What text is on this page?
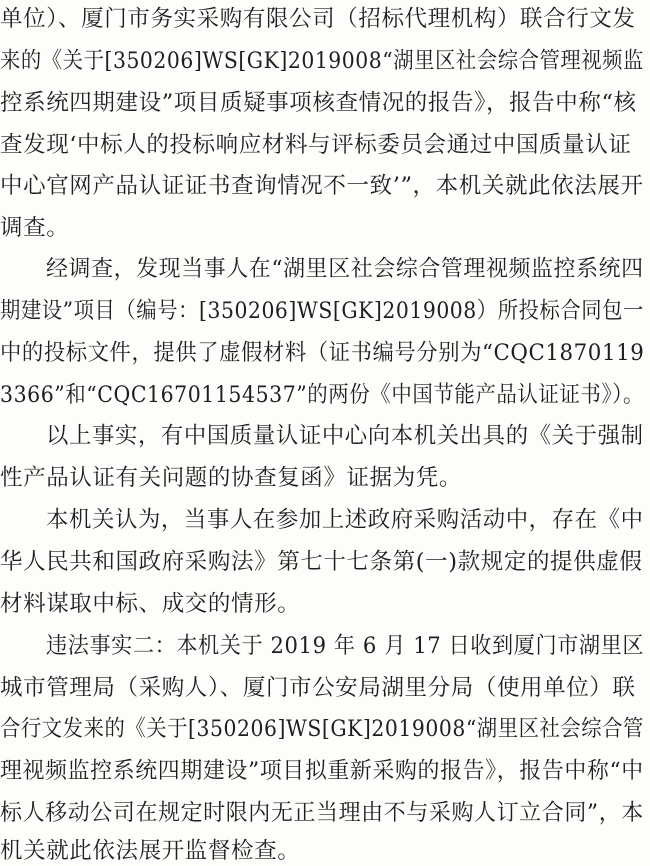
单位）、厦门市务实采购有限公司（招标代理机构）联合行文发
来的《关于[350206]WS[GK]2019008“湖里区社会综合管理视频监
控系统四期建设”项目质疑事项核查情况的报告》，报告中称“核
查发现‘中标人的投标响应材料与评标委员会通过中国质量认证
中心官网产品认证证书查询情况不一致’”，本机关就此依法展开
调查。
经调查，发现当事人在“湖里区社会综合管理视频监控系统四
期建设”项目（编号：[350206]WS[GK]2019008）所投标合同包一
中的投标文件，提供了虚假材料（证书编号分别为“CQC1870119
3366”和“CQC16701154537”的两份《中国节能产品认证证书》）。
以上事实，有中国质量认证中心向本机关出具的《关于强制
性产品认证有关问题的协查复函》证据为凭。
本机关认为，当事人在参加上述政府采购活动中，存在《中
华人民共和国政府采购法》第七十七条第(一)款规定的提供虚假
材料谋取中标、成交的情形。
违法事实二：本机关于 2019 年 6 月 17 日收到厦门市湖里区
城市管理局（采购人）、厦门市公安局湖里分局（使用单位）联
合行文发来的《关于[350206]WS[GK]2019008“湖里区社会综合管
理视频监控系统四期建设”项目拟重新采购的报告》，报告中称“中
标人移动公司在规定时限内无正当理由不与采购人订立合同”，本
机关就此依法展开监督检查。
